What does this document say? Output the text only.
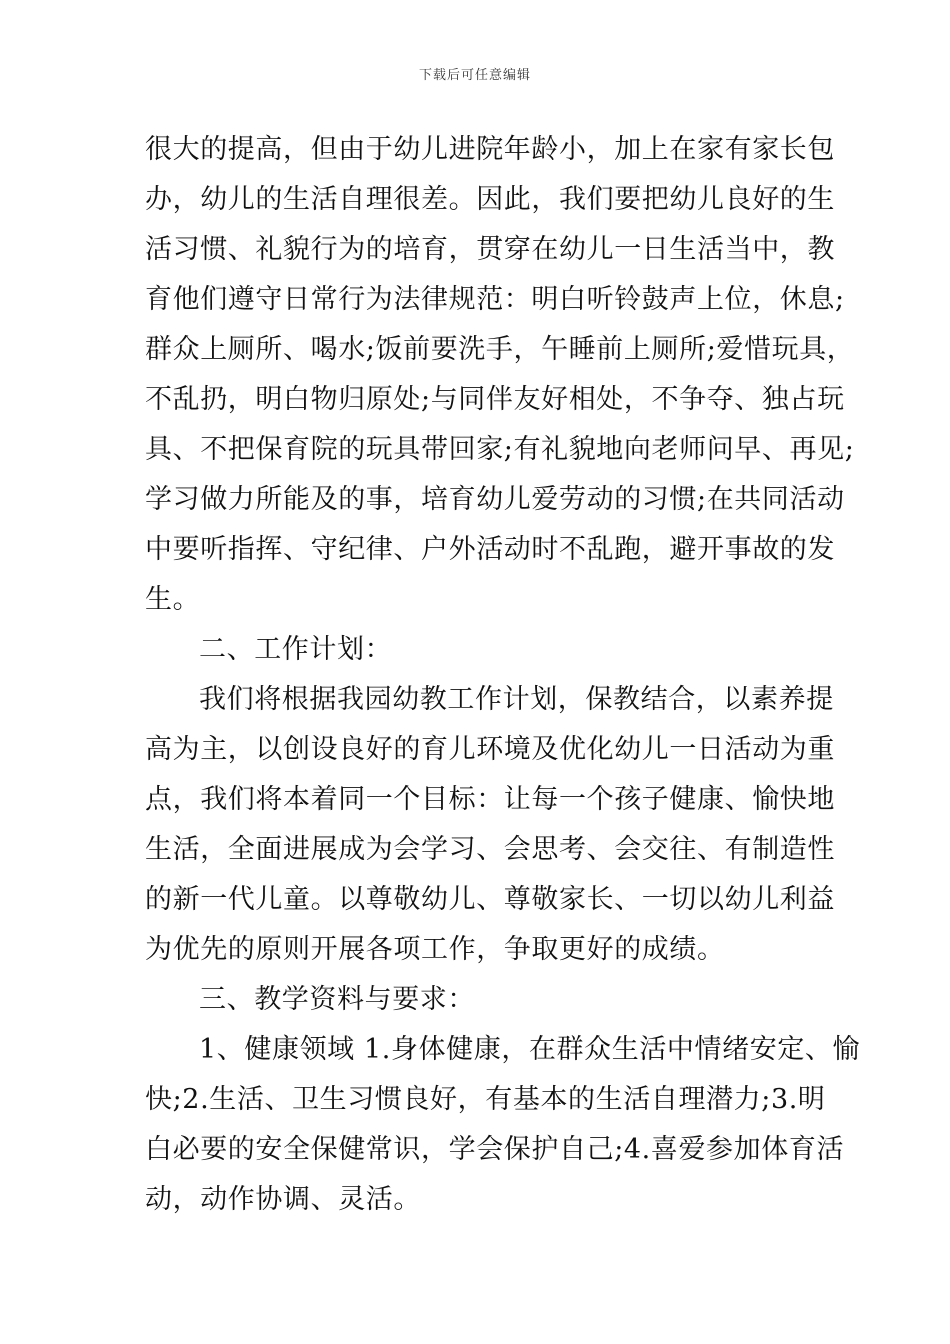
下载后可任意编辑
很大的提高，但由于幼儿进院年龄小，加上在家有家长包
办，幼儿的生活自理很差。因此，我们要把幼儿良好的生
活习惯、礼貌行为的培育，贯穿在幼儿一日生活当中，教
育他们遵守日常行为法律规范：明白听铃鼓声上位，休息;
群众上厕所、喝水;饭前要洗手，午睡前上厕所;爱惜玩具，
不乱扔，明白物归原处;与同伴友好相处，不争夺、独占玩
具、不把保育院的玩具带回家;有礼貌地向老师问早、再见;
学习做力所能及的事，培育幼儿爱劳动的习惯;在共同活动
中要听指挥、守纪律、户外活动时不乱跑，避开事故的发
生。
二、工作计划：
我们将根据我园幼教工作计划，保教结合，以素养提
高为主，以创设良好的育儿环境及优化幼儿一日活动为重
点，我们将本着同一个目标：让每一个孩子健康、愉快地
生活，全面进展成为会学习、会思考、会交往、有制造性
的新一代儿童。以尊敬幼儿、尊敬家长、一切以幼儿利益
为优先的原则开展各项工作，争取更好的成绩。
三、教学资料与要求：
1、健康领域 1.身体健康，在群众生活中情绪安定、愉
快;2.生活、卫生习惯良好，有基本的生活自理潜力;3.明
白必要的安全保健常识，学会保护自己;4.喜爱参加体育活
动，动作协调、灵活。
